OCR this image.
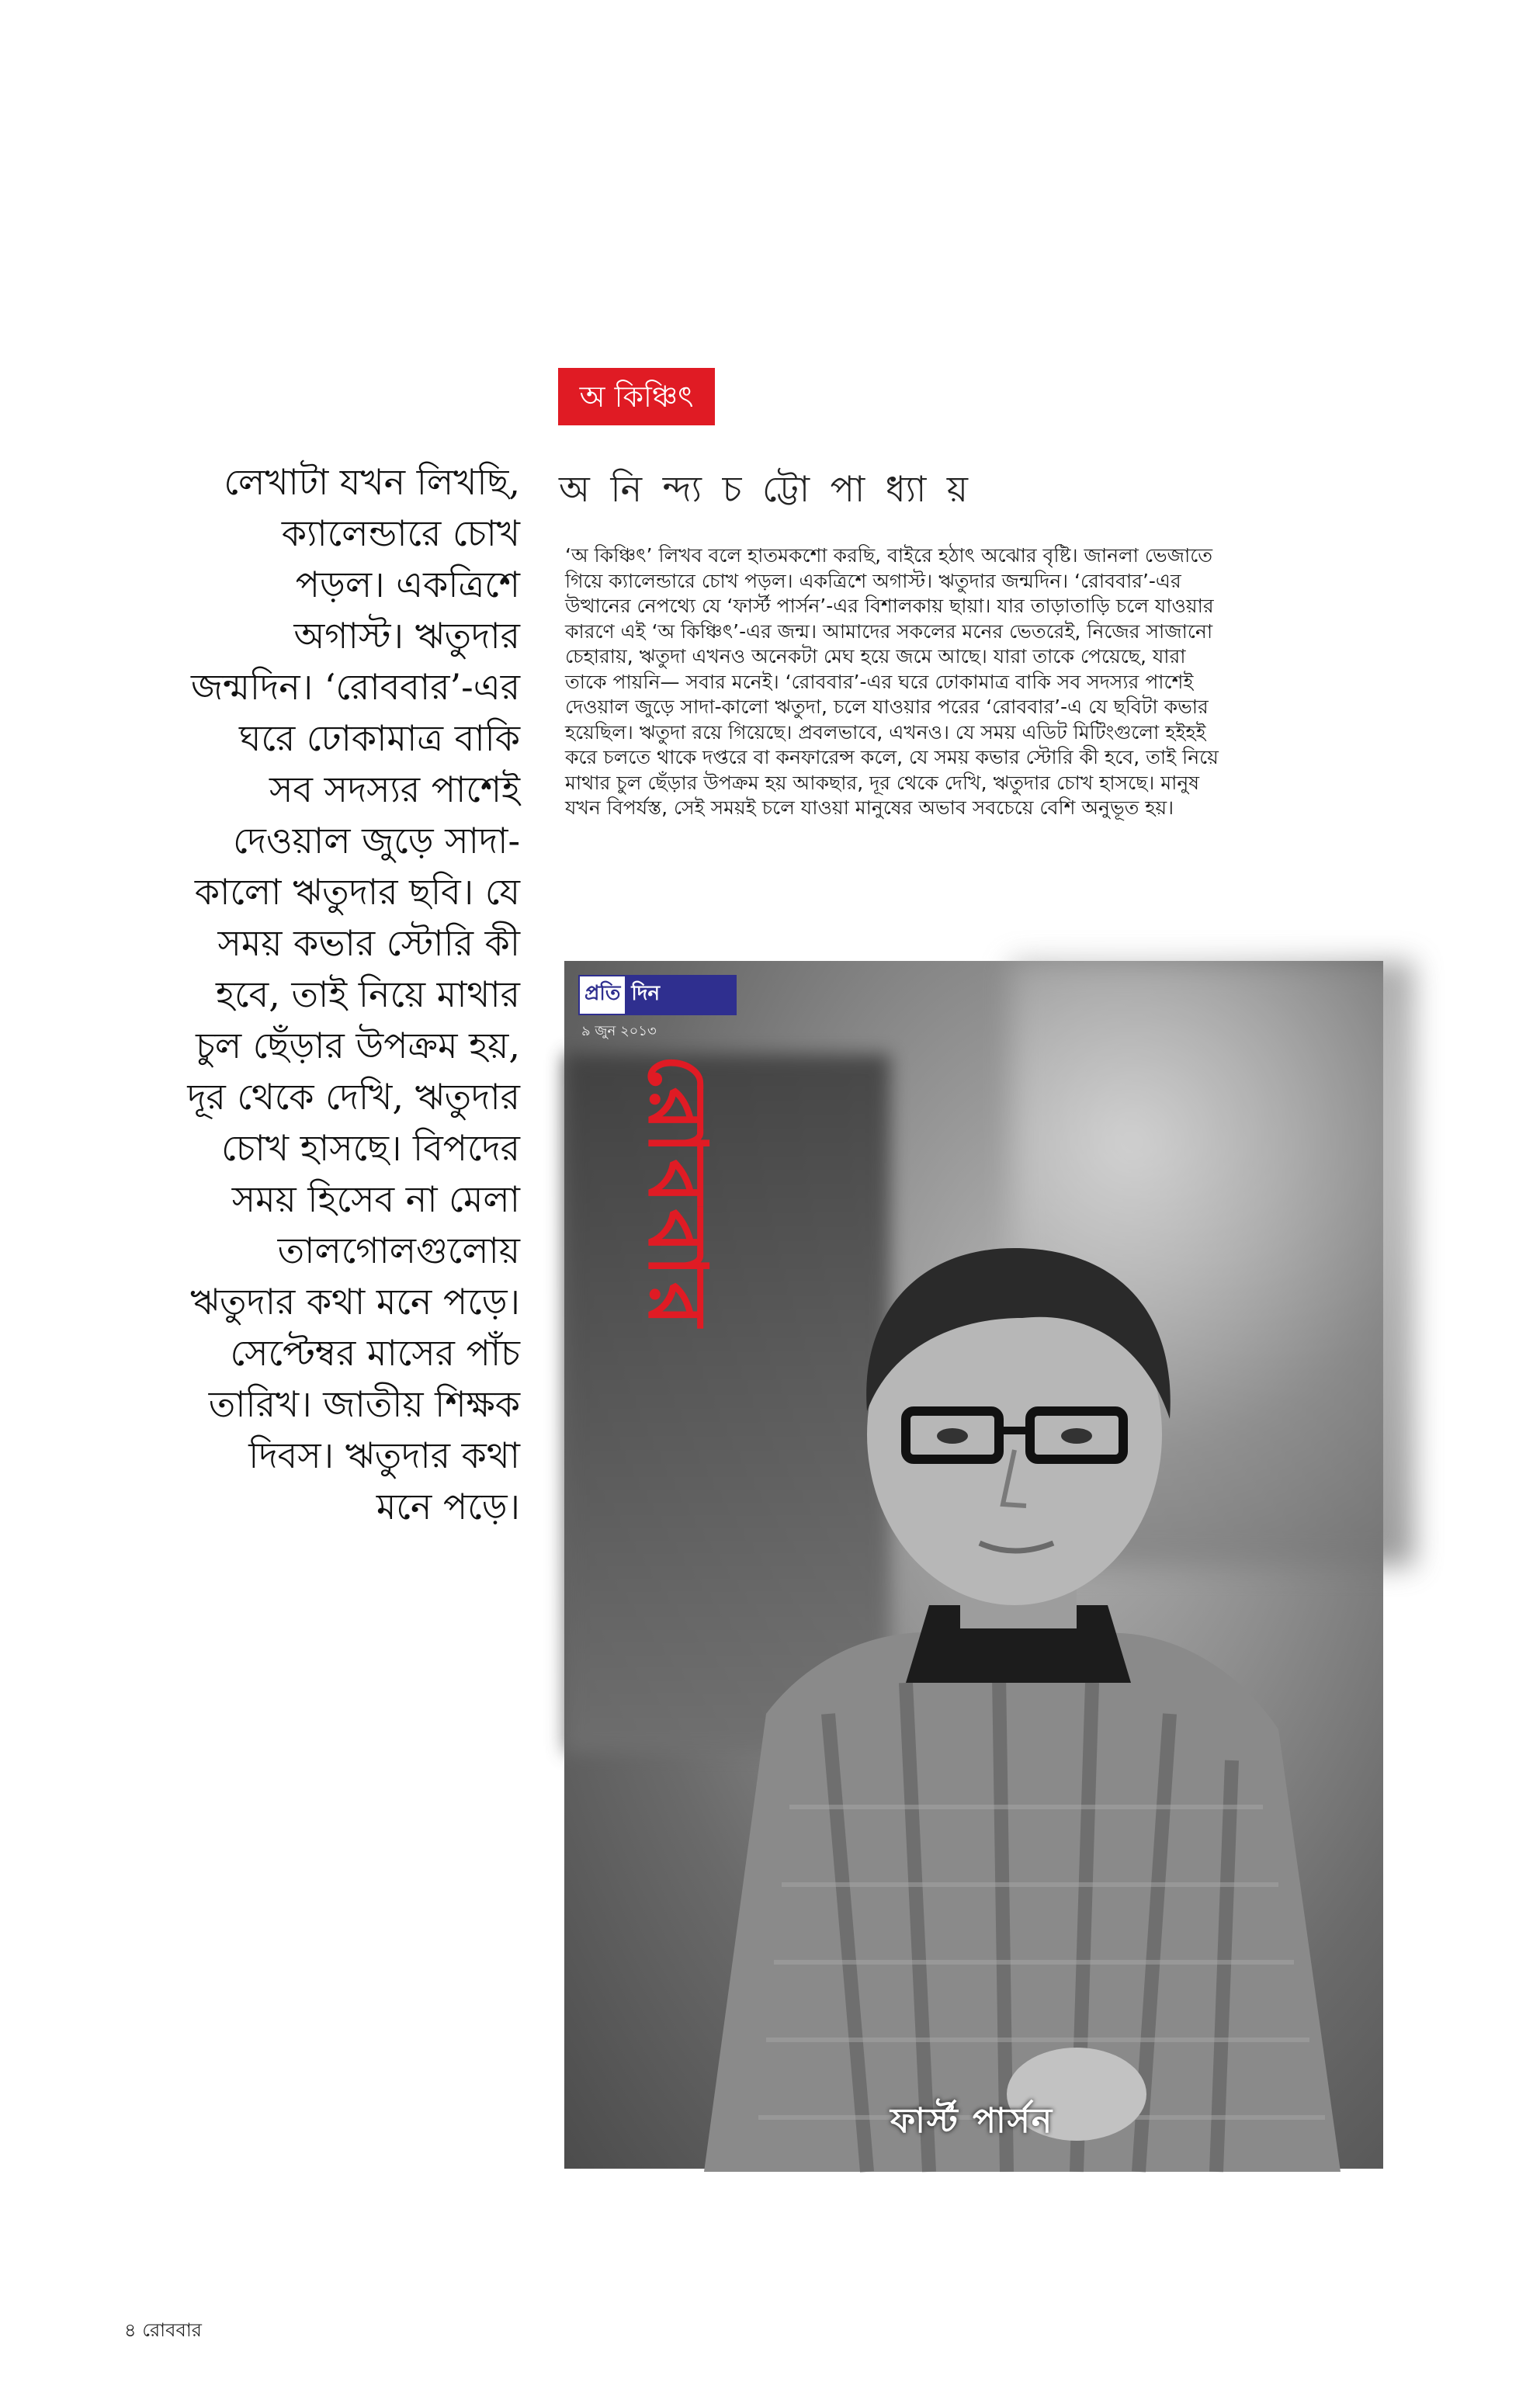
অ কিঞ্চিৎ
লেখাটা যখন লিখছি,
ক্যালেন্ডারে চোখ
পড়ল। একত্রিশে
অগাস্ট। ঋতুদার
জন্মদিন। ‘রোববার’-এর
ঘরে ঢোকামাত্র বাকি
সব সদস্যর পাশেই
দেওয়াল জুড়ে সাদা-
কালো ঋতুদার ছবি। যে
সময় কভার স্টোরি কী
হবে, তাই নিয়ে মাথার
চুল ছেঁড়ার উপক্রম হয়,
দূর থেকে দেখি, ঋতুদার
চোখ হাসছে। বিপদের
সময় হিসেব না মেলা
তালগোলগুলোয়
ঋতুদার কথা মনে পড়ে।
সেপ্টেম্বর মাসের পাঁচ
তারিখ। জাতীয় শিক্ষক
দিবস। ঋতুদার কথা
মনে পড়ে।
অ নি ন্দ্য চ ট্টো পা ধ্যা য়
‘অ কিঞ্চিৎ’ লিখব বলে হাতমকশো করছি, বাইরে হঠাৎ অঝোর বৃষ্টি। জানলা ভেজাতে
গিয়ে ক্যালেন্ডারে চোখ পড়ল। একত্রিশে অগাস্ট। ঋতুদার জন্মদিন। ‘রোববার’-এর
উত্থানের নেপথ্যে যে ‘ফার্স্ট পার্সন’-এর বিশালকায় ছায়া। যার তাড়াতাড়ি চলে যাওয়ার
কারণে এই ‘অ কিঞ্চিৎ’-এর জন্ম। আমাদের সকলের মনের ভেতরেই, নিজের সাজানো
চেহারায়, ঋতুদা এখনও অনেকটা মেঘ হয়ে জমে আছে। যারা তাকে পেয়েছে, যারা
তাকে পায়নি— সবার মনেই। ‘রোববার’-এর ঘরে ঢোকামাত্র বাকি সব সদস্যর পাশেই
দেওয়াল জুড়ে সাদা-কালো ঋতুদা, চলে যাওয়ার পরের ‘রোববার’-এ যে ছবিটা কভার
হয়েছিল। ঋতুদা রয়ে গিয়েছে। প্রবলভাবে, এখনও। যে সময় এডিট মিটিংগুলো হইহই
করে চলতে থাকে দপ্তরে বা কনফারেন্স কলে, যে সময় কভার স্টোরি কী হবে, তাই নিয়ে
মাথার চুল ছেঁড়ার উপক্রম হয় আকছার, দূর থেকে দেখি, ঋতুদার চোখ হাসছে। মানুষ
যখন বিপর্যস্ত, সেই সময়ই চলে যাওয়া মানুষের অভাব সবচেয়ে বেশি অনুভূত হয়।
প্রতি দিন
৯ জুন ২০১৩
রোববার
ফার্স্ট পার্সন
৪ রোববার
